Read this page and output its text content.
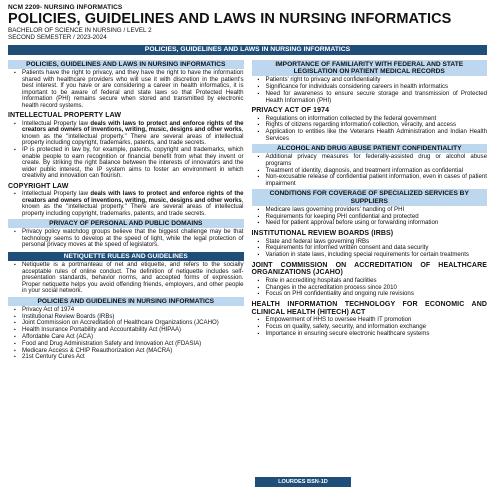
NCM 2209- NURSING INFORMATICS
POLICIES, GUIDELINES AND LAWS IN NURSING INFORMATICS
BACHELOR OF SCIENCE IN NURSING / LEVEL 2
SECOND SEMESTER / 2023-2024
POLICIES, GUIDELINES AND LAWS IN NURSING INFORMATICS
POLICIES, GUIDELINES AND LAWS IN NURSING INFORMATICS
▪ Patients have the right to privacy, and they have the right to have the information shared with healthcare providers who will use it with discretion in the patient's best interest. If you have or are considering a career in health informatics, it is important to be aware of federal and state laws so that Protected Health Information (PHI) remains secure when stored and transmitted by electronic health record systems.
INTELLECTUAL PROPERTY LAW
▪ Intellectual Property law deals with laws to protect and enforce rights of the creators and owners of inventions, writing, music, designs and other works, known as the "intellectual property." There are several areas of intellectual property including copyright, trademarks, patents, and trade secrets.
▪ IP is protected in law by, for example, patents, copyright and trademarks, which enable people to earn recognition or financial benefit from what they invent or create. By striking the right balance between the interests of innovators and the wider public interest, the IP system aims to foster an environment in which creativity and innovation can flourish.
COPYRIGHT LAW
▪ Intellectual Property law deals with laws to protect and enforce rights of the creators and owners of inventions, writing, music, designs and other works, known as the "intellectual property." There are several areas of intellectual property including copyright, trademarks, patents, and trade secrets.
PRIVACY OF PERSONAL AND PUBLIC DOMAINS
▪ Privacy policy watchdog groups believe that the biggest challenge may be that technology seems to develop at the speed of light, while the legal protection of personal privacy moves at the speed of legislators.
NETIQUETTE RULES AND GUIDELINES
▪ Netiquette is a portmanteau of net and etiquette, and refers to the socially acceptable rules of online conduct. The definition of netiquette includes self-presentation standards, behavior norms, and accepted forms of expression. Proper netiquette helps you avoid offending friends, employers, and other people in your social network.
POLICIES AND GUIDELINES IN NURSING INFORMATICS
▪ Privacy Act of 1974
▪ Institutional Review Boards (IRBs)
▪ Joint Commission on Accreditation of Healthcare Organizations (JCAHO)
▪ Health Insurance Portability and Accountability Act (HIPAA)
▪ Affordable Care Act (ACA)
▪ Food and Drug Administration Safety and Innovation Act (FDASIA)
▪ Medicare Access & CHIP Reauthorization Act (MACRA)
▪ 21st Century Cures Act
IMPORTANCE OF FAMILIARITY WITH FEDERAL AND STATE LEGISLATION ON PATIENT MEDICAL RECORDS
▪ Patients' right to privacy and confidentiality
▪ Significance for individuals considering careers in health informatics
▪ Need for awareness to ensure secure storage and transmission of Protected Health Information (PHI)
PRIVACY ACT OF 1974
▪ Regulations on information collected by the federal government
▪ Rights of citizens regarding information collection, veracity, and access
▪ Application to entities like the Veterans Health Administration and Indian Health Services
ALCOHOL AND DRUG ABUSE PATIENT CONFIDENTIALITY
▪ Additional privacy measures for federally-assisted drug or alcohol abuse programs
▪ Treatment of identity, diagnosis, and treatment information as confidential
▪ Non-excusable release of confidential patient information, even in cases of patient impairment
CONDITIONS FOR COVERAGE OF SPECIALIZED SERVICES BY SUPPLIERS
▪ Medicare laws governing providers' handling of PHI
▪ Requirements for keeping PHI confidential and protected
▪ Need for patient approval before using or forwarding information
INSTITUTIONAL REVIEW BOARDS (IRBS)
▪ State and federal laws governing IRBs
▪ Requirements for informed written consent and data security
▪ Variation in state laws, including special requirements for certain treatments
JOINT COMMISSION ON ACCREDITATION OF HEALTHCARE ORGANIZATIONS (JCAHO)
▪ Role in accrediting hospitals and facilities
▪ Changes in the accreditation process since 2010
▪ Focus on PHI confidentiality and ongoing rule revisions
HEALTH INFORMATION TECHNOLOGY FOR ECONOMIC AND CLINICAL HEALTH (HITECH) ACT
▪ Empowerment of HHS to oversee Health IT promotion
▪ Focus on quality, safety, security, and information exchange
▪ Importance in ensuring secure electronic healthcare systems
LOURDES BSN-1D
